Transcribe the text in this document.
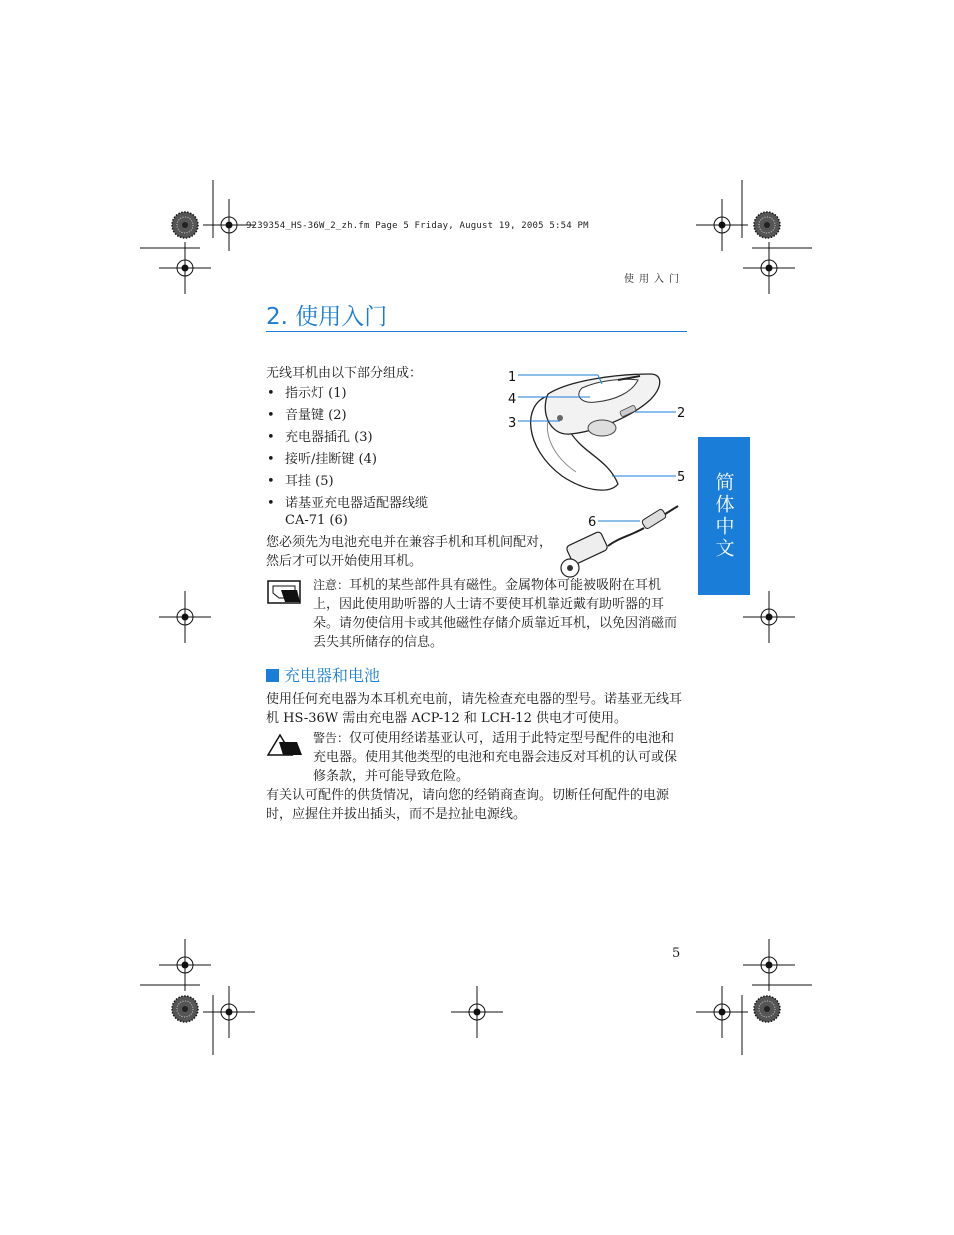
9239354_HS-36W_2_zh.fm Page 5 Friday, August 19, 2005 5:54 PM
使用入门
2. 使用入门
简体中文
无线耳机由以下部分组成：
• 指示灯 (1)
• 音量键 (2)
• 充电器插孔 (3)
• 接听/挂断键 (4)
• 耳挂 (5)
• 诺基亚充电器适配器线缆 CA-71 (6)
1
4
3
2
5
6
您必须先为电池充电并在兼容手机和耳机间配对，然后才可以开始使用耳机。
注意：耳机的某些部件具有磁性。金属物体可能被吸附在耳机上，因此使用助听器的人士请不要使耳机靠近戴有助听器的耳朵。请勿使信用卡或其他磁性存储介质靠近耳机，以免因消磁而丢失其所储存的信息。
充电器和电池
使用任何充电器为本耳机充电前，请先检查充电器的型号。诺基亚无线耳机 HS-36W 需由充电器 ACP-12 和 LCH-12 供电才可使用。
警告：仅可使用经诺基亚认可，适用于此特定型号配件的电池和充电器。使用其他类型的电池和充电器会违反对耳机的认可或保修条款，并可能导致危险。
有关认可配件的供货情况，请向您的经销商查询。切断任何配件的电源时，应握住并拔出插头，而不是拉扯电源线。
5
